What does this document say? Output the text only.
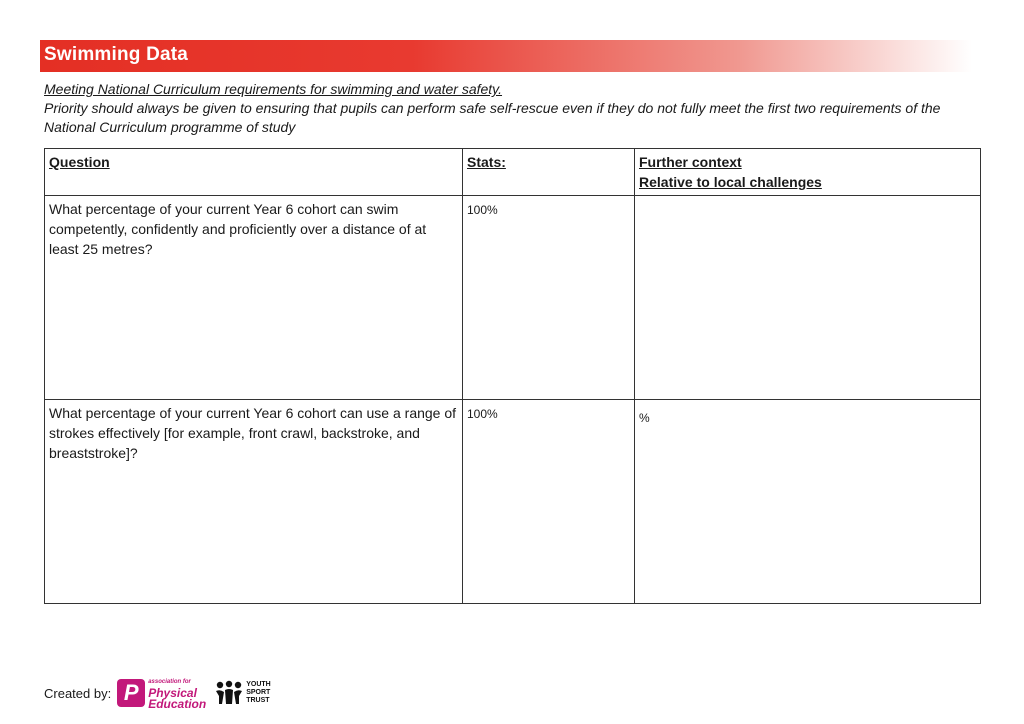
Swimming Data
Meeting National Curriculum requirements for swimming and water safety.
Priority should always be given to ensuring that pupils can perform safe self-rescue even if they do not fully meet the first two requirements of the National Curriculum programme of study
Question	Stats:	Further context
Relative to local challenges

What percentage of your current Year 6 cohort can swim competently, confidently and proficiently over a distance of at least 25 metres?	100%	

What percentage of your current Year 6 cohort can use a range of strokes effectively [for example, front crawl, backstroke, and breaststroke]?	100%	%
Created by: P	association for
Physical
Education
YOUTH
SPORT
TRUST
